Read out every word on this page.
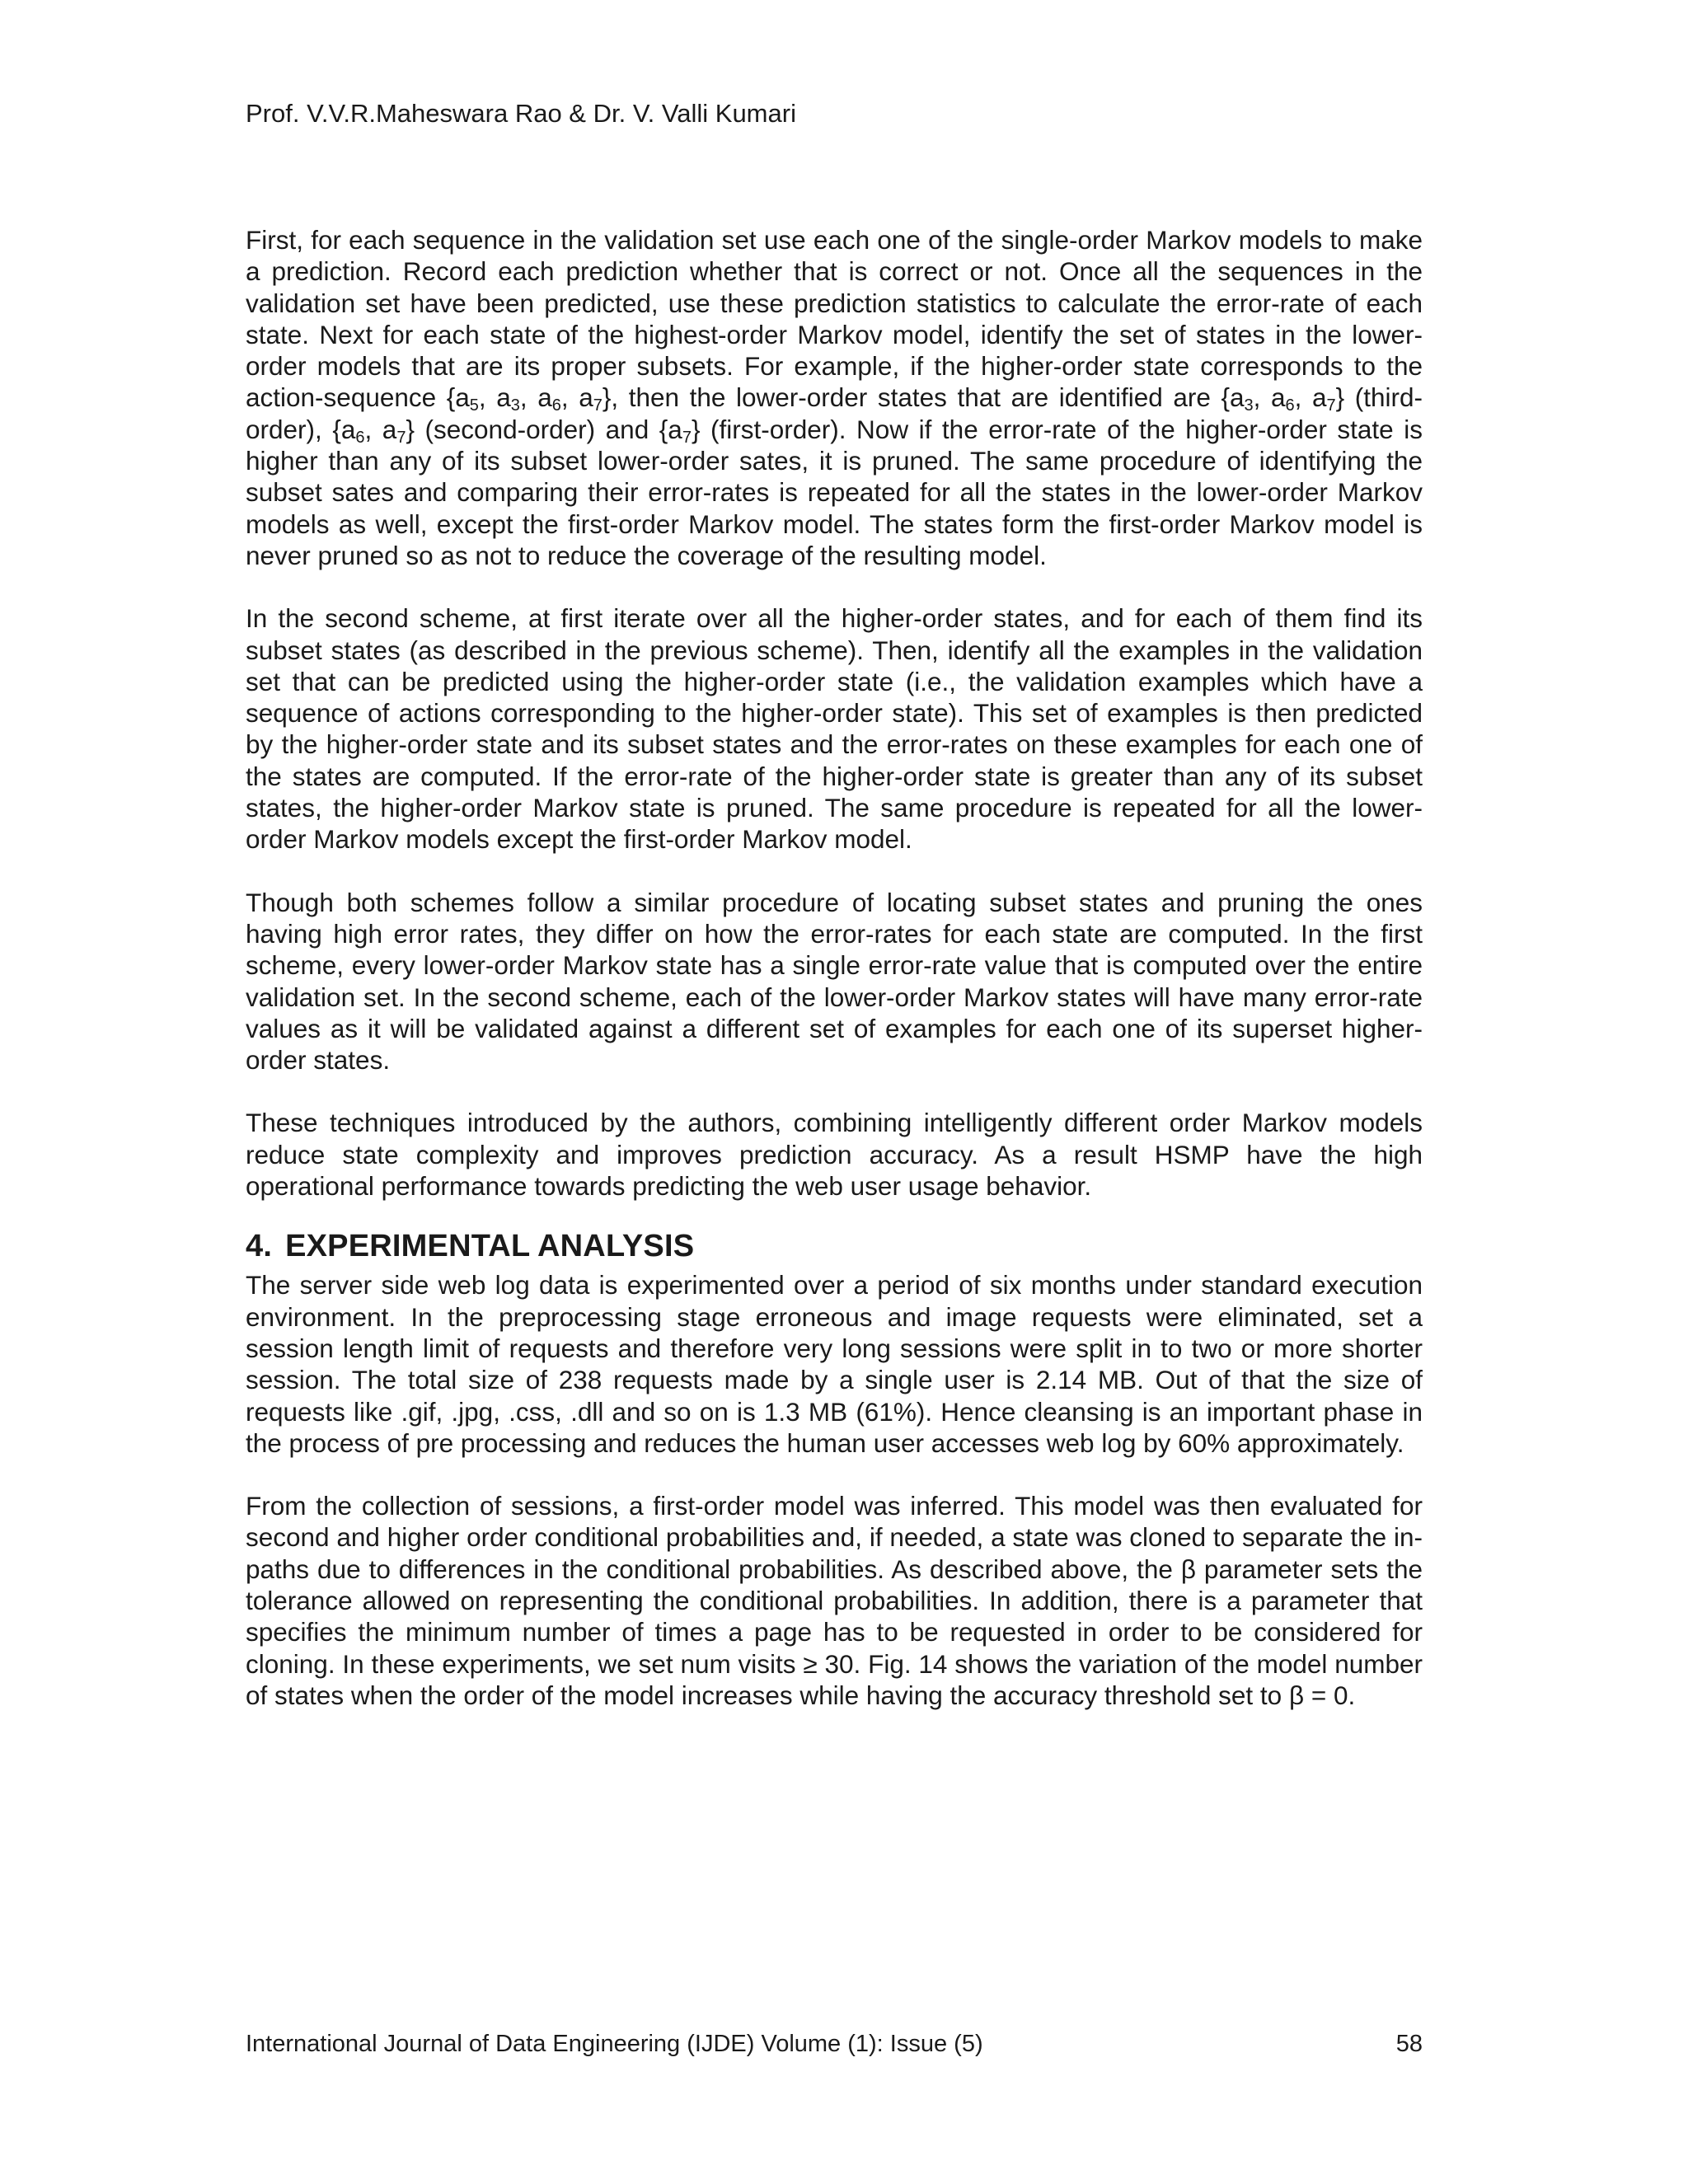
Prof. V.V.R.Maheswara Rao & Dr. V. Valli Kumari

First, for each sequence in the validation set use each one of the single-order Markov models to make a prediction. Record each prediction whether that is correct or not. Once all the sequences in the validation set have been predicted, use these prediction statistics to calculate the error-rate of each state. Next for each state of the highest-order Markov model, identify the set of states in the lower-order models that are its proper subsets. For example, if the higher-order state corresponds to the action-sequence {$a_5$, $a_3$, $a_6$, $a_7$}, then the lower-order states that are identified are {$a_3$, $a_6$, $a_7$} (third-order), {$a_6$, $a_7$} (second-order) and $\{a_7\}$ (first-order). Now if the error-rate of the higher-order state is higher than any of its subset lower-order sates, it is pruned. The same procedure of identifying the subset sates and comparing their error-rates is repeated for all the states in the lower-order Markov models as well, except the first-order Markov model. The states form the first-order Markov model is never pruned so as not to reduce the coverage of the resulting model.

In the second scheme, at first iterate over all the higher-order states, and for each of them find its subset states (as described in the previous scheme). Then, identify all the examples in the validation set that can be predicted using the higher-order state (i.e., the validation examples which have a sequence of actions corresponding to the higher-order state). This set of examples is then predicted by the higher-order state and its subset states and the error-rates on these examples for each one of the states are computed. If the error-rate of the higher-order state is greater than any of its subset states, the higher-order Markov state is pruned. The same procedure is repeated for all the lower-order Markov models except the first-order Markov model.

Though both schemes follow a similar procedure of locating subset states and pruning the ones having high error rates, they differ on how the error-rates for each state are computed. In the first scheme, every lower-order Markov state has a single error-rate value that is computed over the entire validation set. In the second scheme, each of the lower-order Markov states will have many error-rate values as it will be validated against a different set of examples for each one of its superset higher-order states.

These techniques introduced by the authors, combining intelligently different order Markov models reduce state complexity and improves prediction accuracy. As a result HSMP have the high operational performance towards predicting the web user usage behavior.

4. EXPERIMENTAL ANALYSIS

The server side web log data is experimented over a period of six months under standard execution environment. In the preprocessing stage erroneous and image requests were eliminated, set a session length limit of requests and therefore very long sessions were split in to two or more shorter session. The total size of 238 requests made by a single user is 2.14 MB. Out of that the size of requests like .gif, .jpg, .css, .dll and so on is 1.3 MB (61%). Hence cleansing is an important phase in the process of pre processing and reduces the human user accesses web log by 60% approximately.

From the collection of sessions, a first-order model was inferred. This model was then evaluated for second and higher order conditional probabilities and, if needed, a state was cloned to separate the in-paths due to differences in the conditional probabilities. As described above, the β parameter sets the tolerance allowed on representing the conditional probabilities. In addition, there is a parameter that specifies the minimum number of times a page has to be requested in order to be considered for cloning. In these experiments, we set num visits ≥ 30. Fig. 14 shows the variation of the model number of states when the order of the model increases while having the accuracy threshold set to β = 0.

International Journal of Data Engineering (IJDE) Volume (1): Issue (5)	58
